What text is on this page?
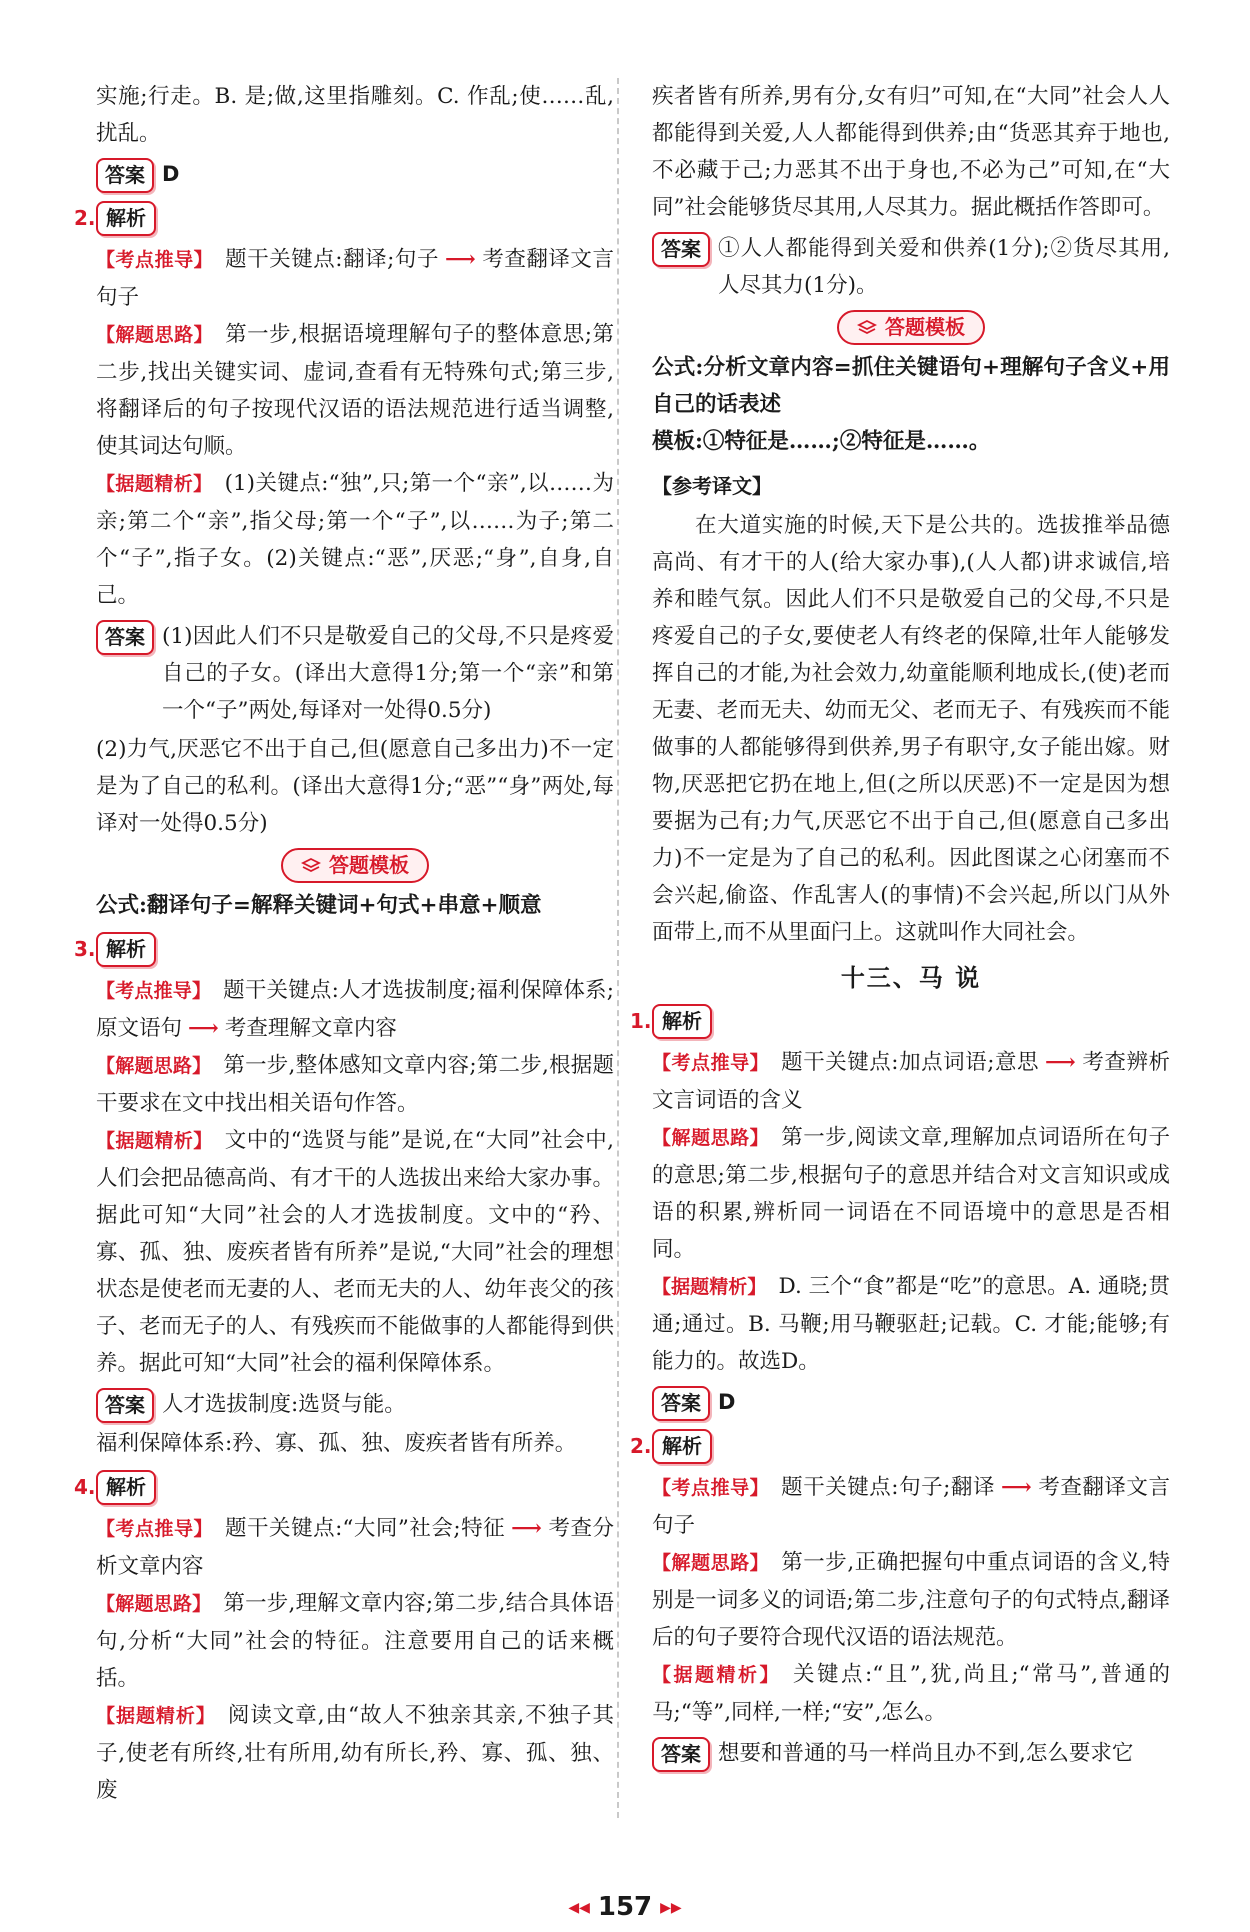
实施;行走。B. 是;做,这里指雕刻。C. 作乱;使……乱,扰乱。

答案 D
2. 解析

【考点推导】 题干关键点:翻译;句子 ⟶ 考查翻译文言句子

【解题思路】 第一步,根据语境理解句子的整体意思;第二步,找出关键实词、虚词,查看有无特殊句式;第三步,将翻译后的句子按现代汉语的语法规范进行适当调整,使其词达句顺。

【据题精析】 (1)关键点:“独”,只;第一个“亲”,以……为亲;第二个“亲”,指父母;第一个“子”,以……为子;第二个“子”,指子女。(2)关键点:“恶”,厌恶;“身”,自身,自己。

答案 (1)因此人们不只是敬爱自己的父母,不只是疼爱自己的子女。(译出大意得1分;第一个“亲”和第一个“子”两处,每译对一处得0.5分)

(2)力气,厌恶它不出于自己,但(愿意自己多出力)不一定是为了自己的私利。(译出大意得1分;“恶”“身”两处,每译对一处得0.5分)

答题模板

公式:翻译句子=解释关键词+句式+串意+顺意

3. 解析

【考点推导】 题干关键点:人才选拔制度;福利保障体系;原文语句 ⟶ 考查理解文章内容

【解题思路】 第一步,整体感知文章内容;第二步,根据题干要求在文中找出相关语句作答。

【据题精析】 文中的“选贤与能”是说,在“大同”社会中,人们会把品德高尚、有才干的人选拔出来给大家办事。据此可知“大同”社会的人才选拔制度。文中的“矜、寡、孤、独、废疾者皆有所养”是说,“大同”社会的理想状态是使老而无妻的人、老而无夫的人、幼年丧父的孩子、老而无子的人、有残疾而不能做事的人都能得到供养。据此可知“大同”社会的福利保障体系。

答案 人才选拔制度:选贤与能。

福利保障体系:矜、寡、孤、独、废疾者皆有所养。

4. 解析

【考点推导】 题干关键点:“大同”社会;特征 ⟶ 考查分析文章内容

【解题思路】 第一步,理解文章内容;第二步,结合具体语句,分析“大同”社会的特征。注意要用自己的话来概括。

【据题精析】 阅读文章,由“故人不独亲其亲,不独子其子,使老有所终,壮有所用,幼有所长,矜、寡、孤、独、废

疾者皆有所养,男有分,女有归”可知,在“大同”社会人人都能得到关爱,人人都能得到供养;由“货恶其弃于地也,不必藏于己;力恶其不出于身也,不必为己”可知,在“大同”社会能够货尽其用,人尽其力。据此概括作答即可。

答案 ①人人都能得到关爱和供养(1分);②货尽其用,人尽其力(1分)。

答题模板

公式:分析文章内容=抓住关键语句+理解句子含义+用自己的话表述

模板:①特征是……;②特征是……。

【参考译文】

在大道实施的时候,天下是公共的。选拔推举品德高尚、有才干的人(给大家办事),(人人都)讲求诚信,培养和睦气氛。因此人们不只是敬爱自己的父母,不只是疼爱自己的子女,要使老人有终老的保障,壮年人能够发挥自己的才能,为社会效力,幼童能顺利地成长,(使)老而无妻、老而无夫、幼而无父、老而无子、有残疾而不能做事的人都能够得到供养,男子有职守,女子能出嫁。财物,厌恶把它扔在地上,但(之所以厌恶)不一定是因为想要据为己有;力气,厌恶它不出于自己,但(愿意自己多出力)不一定是为了自己的私利。因此图谋之心闭塞而不会兴起,偷盗、作乱害人(的事情)不会兴起,所以门从外面带上,而不从里面闩上。这就叫作大同社会。

十三、马 说
1. 解析

【考点推导】 题干关键点:加点词语;意思 ⟶ 考查辨析文言词语的含义

【解题思路】 第一步,阅读文章,理解加点词语所在句子的意思;第二步,根据句子的意思并结合对文言知识或成语的积累,辨析同一词语在不同语境中的意思是否相同。

【据题精析】 D. 三个“食”都是“吃”的意思。A. 通晓;贯通;通过。B. 马鞭;用马鞭驱赶;记载。C. 才能;能够;有能力的。故选D。

答案 D
2. 解析

【考点推导】 题干关键点:句子;翻译 ⟶ 考查翻译文言句子

【解题思路】 第一步,正确把握句中重点词语的含义,特别是一词多义的词语;第二步,注意句子的句式特点,翻译后的句子要符合现代汉语的语法规范。

【据题精析】 关键点:“且”,犹,尚且;“常马”,普通的马;“等”,同样,一样;“安”,怎么。

答案 想要和普通的马一样尚且办不到,怎么要求它

◀◀ 157 ▶▶
